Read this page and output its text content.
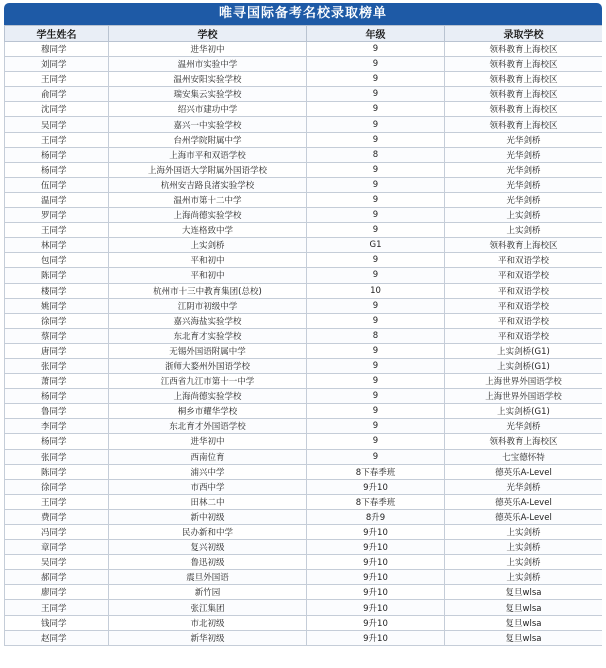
唯寻国际备考名校录取榜单
学生姓名	学校	年级	录取学校
穆同学	进华初中	9	领科教育上海校区
刘同学	温州市实验中学	9	领科教育上海校区
王同学	温州安阳实验学校	9	领科教育上海校区
俞同学	瑞安集云实验学校	9	领科教育上海校区
沈同学	绍兴市建功中学	9	领科教育上海校区
吴同学	嘉兴一中实验学校	9	领科教育上海校区
王同学	台州学院附属中学	9	光华剑桥
杨同学	上海市平和双语学校	8	光华剑桥
杨同学	上海外国语大学附属外国语学校	9	光华剑桥
伍同学	杭州安吉路良渚实验学校	9	光华剑桥
温同学	温州市第十二中学	9	光华剑桥
罗同学	上海尚德实验学校	9	上实剑桥
王同学	大连格致中学	9	上实剑桥
林同学	上实剑桥	G1	领科教育上海校区
包同学	平和初中	9	平和双语学校
陈同学	平和初中	9	平和双语学校
楼同学	杭州市十三中教育集团(总校)	10	平和双语学校
姚同学	江阴市初级中学	9	平和双语学校
徐同学	嘉兴海盐实验学校	9	平和双语学校
蔡同学	东北育才实验学校	8	平和双语学校
唐同学	无锡外国语附属中学	9	上实剑桥(G1)
张同学	浙师大婺州外国语学校	9	上实剑桥(G1)
萧同学	江西省九江市第十一中学	9	上海世界外国语学校
杨同学	上海尚德实验学校	9	上海世界外国语学校
鲁同学	桐乡市耀华学校	9	上实剑桥(G1)
李同学	东北育才外国语学校	9	光华剑桥
杨同学	进华初中	9	领科教育上海校区
张同学	西南位育	9	七宝德怀特
陈同学	浦兴中学	8下春季班	德英乐A-Level
徐同学	市西中学	9升10	光华剑桥
王同学	田林二中	8下春季班	德英乐A-Level
费同学	新中初级	8升9	德英乐A-Level
冯同学	民办新和中学	9升10	上实剑桥
章同学	复兴初级	9升10	上实剑桥
吴同学	鲁迅初级	9升10	上实剑桥
郝同学	震旦外国语	9升10	上实剑桥
廖同学	新竹园	9升10	复旦wlsa
王同学	张江集团	9升10	复旦wlsa
钱同学	市北初级	9升10	复旦wlsa
赵同学	新华初级	9升10	复旦wlsa
